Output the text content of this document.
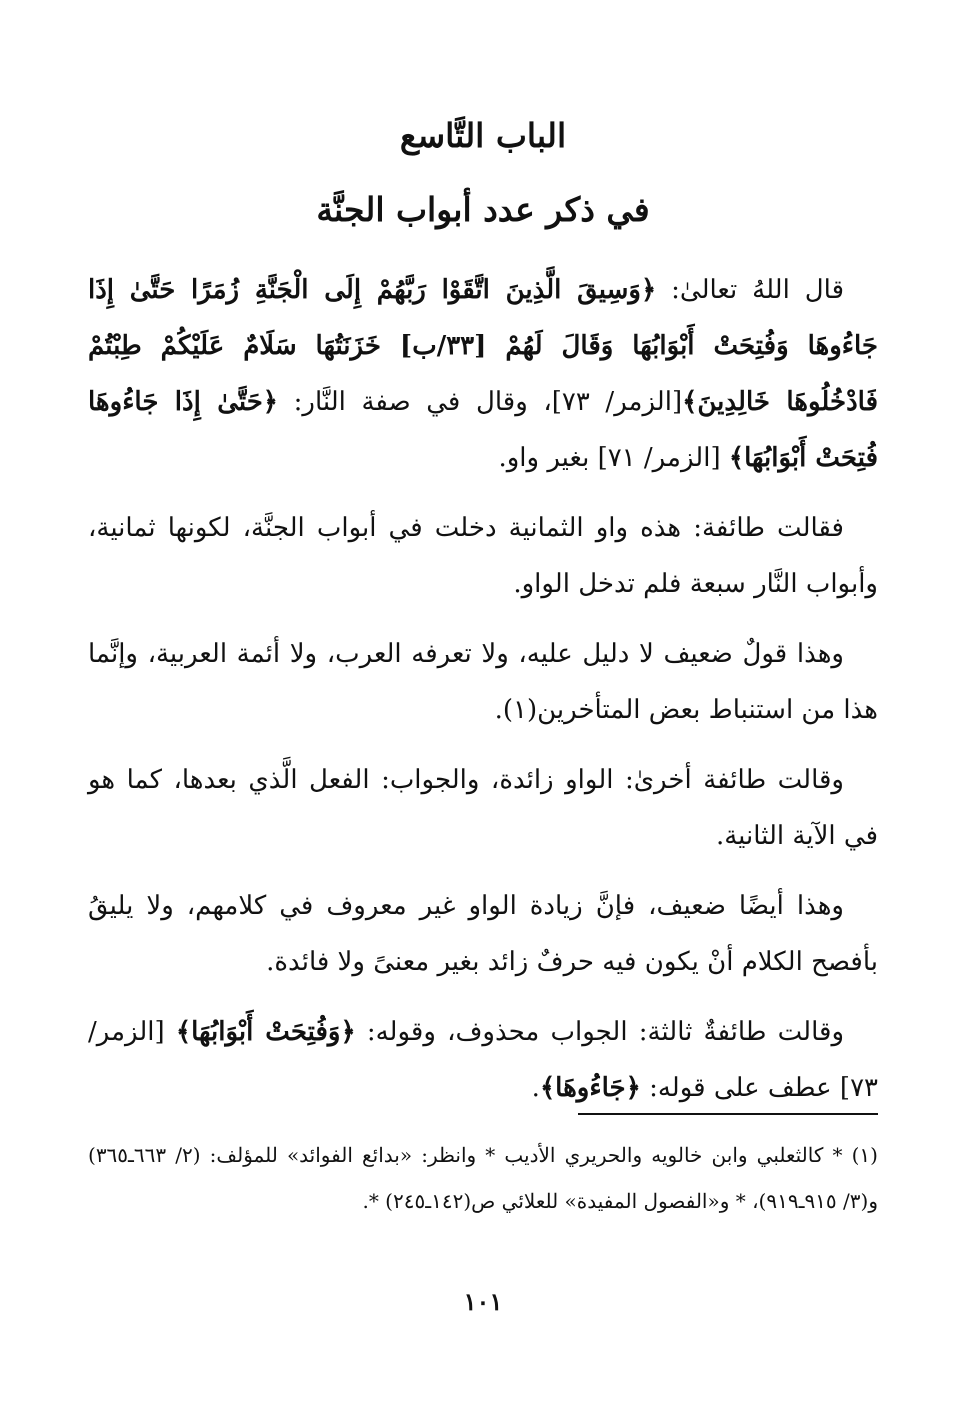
الباب التَّاسع
في ذكر عدد أبواب الجنَّة

قال اللهُ تعالىٰ: ﴿وَسِيقَ الَّذِينَ اتَّقَوْا رَبَّهُمْ إِلَى الْجَنَّةِ زُمَرًا حَتَّىٰ إِذَا جَاءُوهَا وَفُتِحَتْ أَبْوَابُهَا وَقَالَ لَهُمْ [٣٣/ب] خَزَنَتُهَا سَلَامٌ عَلَيْكُمْ طِبْتُمْ فَادْخُلُوهَا خَالِدِينَ﴾[الزمر/ ٧٣]، وقال في صفة النَّار: ﴿حَتَّىٰ إِذَا جَاءُوهَا فُتِحَتْ أَبْوَابُهَا﴾ [الزمر/ ٧١] بغير واو.

فقالت طائفة: هذه واو الثمانية دخلت في أبواب الجنَّة، لكونها ثمانية، وأبواب النَّار سبعة فلم تدخل الواو.

وهذا قولٌ ضعيف لا دليل عليه، ولا تعرفه العرب، ولا أئمة العربية، وإنَّما هذا من استنباط بعض المتأخرين(١).

وقالت طائفة أخرىٰ: الواو زائدة، والجواب: الفعل الَّذي بعدها، كما هو في الآية الثانية.

وهذا أيضًا ضعيف، فإنَّ زيادة الواو غير معروف في كلامهم، ولا يليقُ بأفصح الكلام أنْ يكون فيه حرفٌ زائد بغير معنىً ولا فائدة.

وقالت طائفةٌ ثالثة: الجواب محذوف، وقوله: ﴿وَفُتِحَتْ أَبْوَابُهَا﴾ [الزمر/ ٧٣] عطف على قوله: ﴿جَاءُوهَا﴾.

(١) * كالثعلبي وابن خالويه والحريري الأديب * وانظر: «بدائع الفوائد» للمؤلف: (٢/ ٦٦٣ـ٣٦٥) و(٣/ ٩١٥ـ٩١٩)، * و«الفصول المفيدة» للعلائي ص(١٤٢ـ٢٤٥) *.
١٠١
